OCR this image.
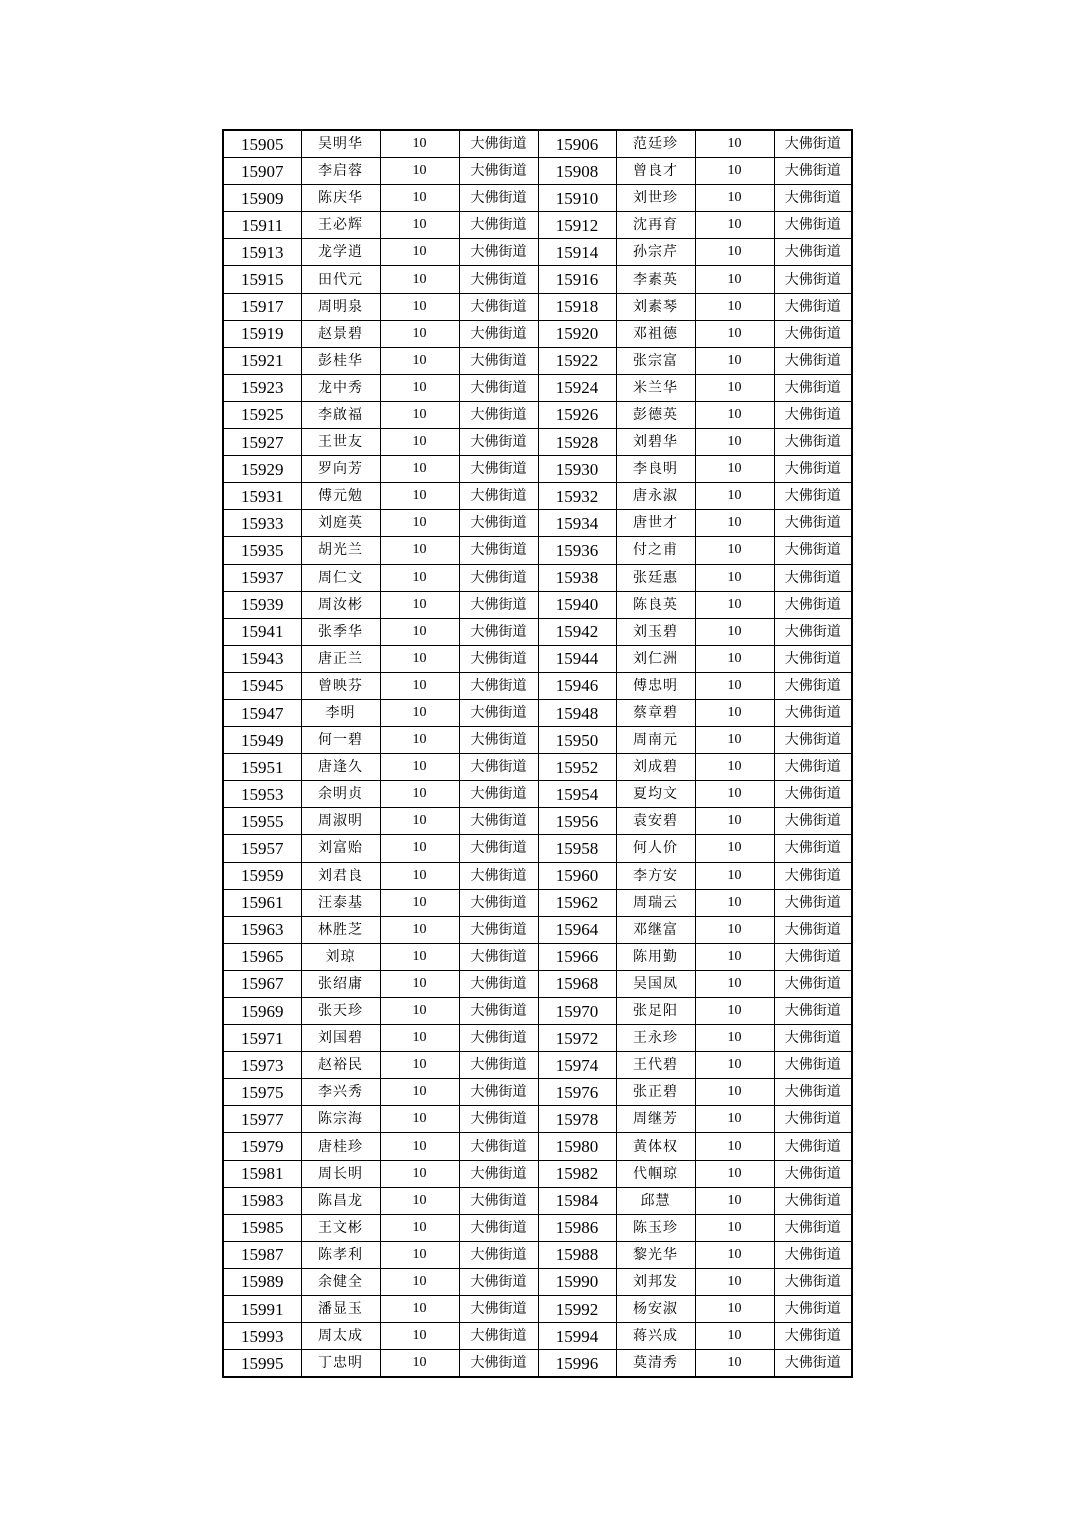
15905	吴明华	10	大佛街道	15906	范廷珍	10	大佛街道
15907	李启蓉	10	大佛街道	15908	曾良才	10	大佛街道
15909	陈庆华	10	大佛街道	15910	刘世珍	10	大佛街道
15911	王必辉	10	大佛街道	15912	沈再育	10	大佛街道
15913	龙学逍	10	大佛街道	15914	孙宗芹	10	大佛街道
15915	田代元	10	大佛街道	15916	李素英	10	大佛街道
15917	周明泉	10	大佛街道	15918	刘素琴	10	大佛街道
15919	赵景碧	10	大佛街道	15920	邓祖德	10	大佛街道
15921	彭桂华	10	大佛街道	15922	张宗富	10	大佛街道
15923	龙中秀	10	大佛街道	15924	米兰华	10	大佛街道
15925	李啟福	10	大佛街道	15926	彭德英	10	大佛街道
15927	王世友	10	大佛街道	15928	刘碧华	10	大佛街道
15929	罗向芳	10	大佛街道	15930	李良明	10	大佛街道
15931	傅元勉	10	大佛街道	15932	唐永淑	10	大佛街道
15933	刘庭英	10	大佛街道	15934	唐世才	10	大佛街道
15935	胡光兰	10	大佛街道	15936	付之甫	10	大佛街道
15937	周仁文	10	大佛街道	15938	张廷惠	10	大佛街道
15939	周汝彬	10	大佛街道	15940	陈良英	10	大佛街道
15941	张季华	10	大佛街道	15942	刘玉碧	10	大佛街道
15943	唐正兰	10	大佛街道	15944	刘仁洲	10	大佛街道
15945	曾映芬	10	大佛街道	15946	傅忠明	10	大佛街道
15947	李明	10	大佛街道	15948	蔡章碧	10	大佛街道
15949	何一碧	10	大佛街道	15950	周南元	10	大佛街道
15951	唐逢久	10	大佛街道	15952	刘成碧	10	大佛街道
15953	余明贞	10	大佛街道	15954	夏均文	10	大佛街道
15955	周淑明	10	大佛街道	15956	袁安碧	10	大佛街道
15957	刘富贻	10	大佛街道	15958	何人价	10	大佛街道
15959	刘君良	10	大佛街道	15960	李方安	10	大佛街道
15961	汪泰基	10	大佛街道	15962	周瑞云	10	大佛街道
15963	林胜芝	10	大佛街道	15964	邓继富	10	大佛街道
15965	刘琼	10	大佛街道	15966	陈用勤	10	大佛街道
15967	张绍庸	10	大佛街道	15968	吴国凤	10	大佛街道
15969	张天珍	10	大佛街道	15970	张足阳	10	大佛街道
15971	刘国碧	10	大佛街道	15972	王永珍	10	大佛街道
15973	赵裕民	10	大佛街道	15974	王代碧	10	大佛街道
15975	李兴秀	10	大佛街道	15976	张正碧	10	大佛街道
15977	陈宗海	10	大佛街道	15978	周继芳	10	大佛街道
15979	唐桂珍	10	大佛街道	15980	黄体权	10	大佛街道
15981	周长明	10	大佛街道	15982	代帼琼	10	大佛街道
15983	陈昌龙	10	大佛街道	15984	邱慧	10	大佛街道
15985	王文彬	10	大佛街道	15986	陈玉珍	10	大佛街道
15987	陈孝利	10	大佛街道	15988	黎光华	10	大佛街道
15989	余健全	10	大佛街道	15990	刘邦发	10	大佛街道
15991	潘显玉	10	大佛街道	15992	杨安淑	10	大佛街道
15993	周太成	10	大佛街道	15994	蒋兴成	10	大佛街道
15995	丁忠明	10	大佛街道	15996	莫清秀	10	大佛街道
